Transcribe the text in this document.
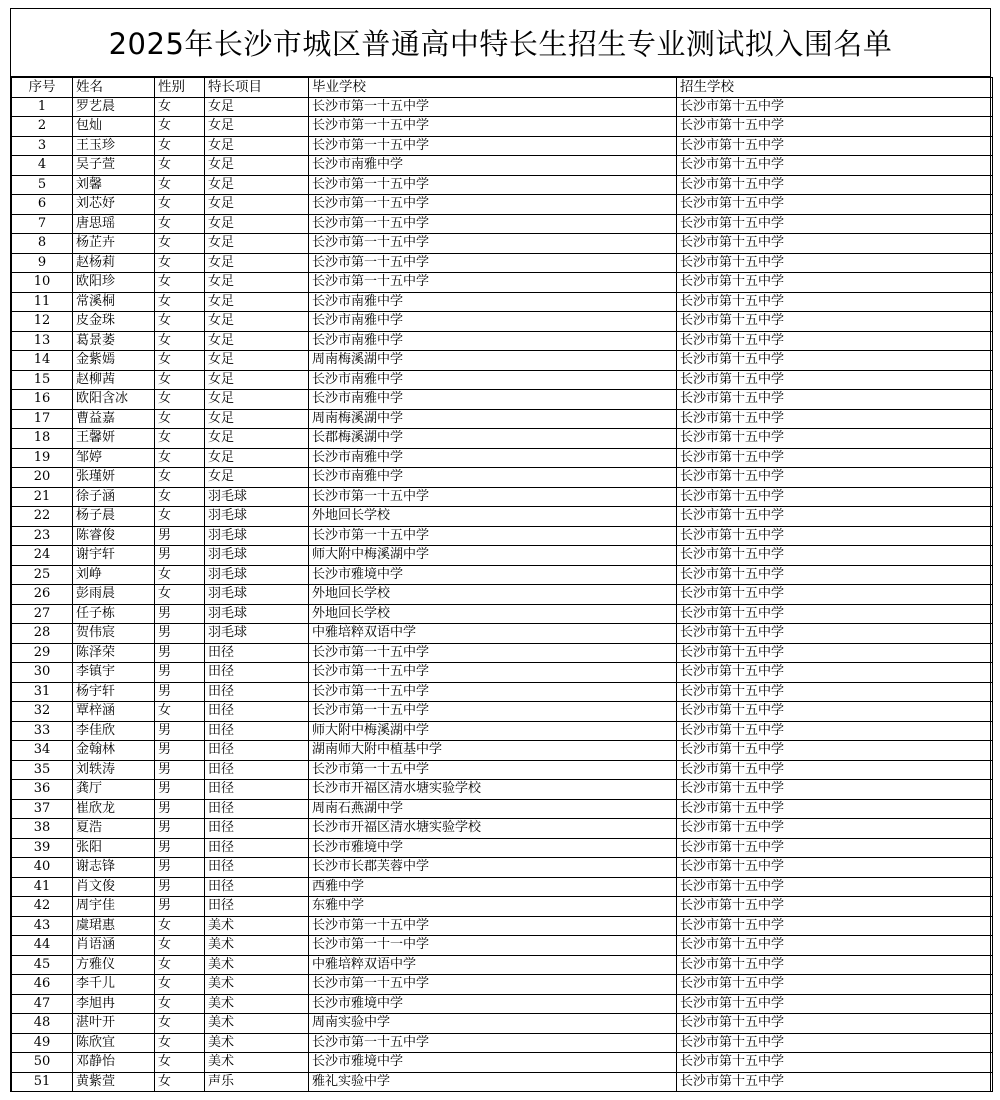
2025年长沙市城区普通高中特长生招生专业测试拟入围名单
序号	姓名	性别	特长项目	毕业学校	招生学校
1	罗艺晨	女	女足	长沙市第一十五中学	长沙市第十五中学
2	包灿	女	女足	长沙市第一十五中学	长沙市第十五中学
3	王玉珍	女	女足	长沙市第一十五中学	长沙市第十五中学
4	吴子萱	女	女足	长沙市南雅中学	长沙市第十五中学
5	刘馨	女	女足	长沙市第一十五中学	长沙市第十五中学
6	刘芯妤	女	女足	长沙市第一十五中学	长沙市第十五中学
7	唐思瑶	女	女足	长沙市第一十五中学	长沙市第十五中学
8	杨芷卉	女	女足	长沙市第一十五中学	长沙市第十五中学
9	赵杨莉	女	女足	长沙市第一十五中学	长沙市第十五中学
10	欧阳珍	女	女足	长沙市第一十五中学	长沙市第十五中学
11	常溪桐	女	女足	长沙市南雅中学	长沙市第十五中学
12	皮金珠	女	女足	长沙市南雅中学	长沙市第十五中学
13	葛景萎	女	女足	长沙市南雅中学	长沙市第十五中学
14	金紫嫣	女	女足	周南梅溪湖中学	长沙市第十五中学
15	赵柳茜	女	女足	长沙市南雅中学	长沙市第十五中学
16	欧阳含冰	女	女足	长沙市南雅中学	长沙市第十五中学
17	曹益嘉	女	女足	周南梅溪湖中学	长沙市第十五中学
18	王馨妍	女	女足	长郡梅溪湖中学	长沙市第十五中学
19	邹婷	女	女足	长沙市南雅中学	长沙市第十五中学
20	张瑾妍	女	女足	长沙市南雅中学	长沙市第十五中学
21	徐子涵	女	羽毛球	长沙市第一十五中学	长沙市第十五中学
22	杨子晨	女	羽毛球	外地回长学校	长沙市第十五中学
23	陈睿俊	男	羽毛球	长沙市第一十五中学	长沙市第十五中学
24	谢宇轩	男	羽毛球	师大附中梅溪湖中学	长沙市第十五中学
25	刘峥	女	羽毛球	长沙市雅境中学	长沙市第十五中学
26	彭雨晨	女	羽毛球	外地回长学校	长沙市第十五中学
27	任子栋	男	羽毛球	外地回长学校	长沙市第十五中学
28	贺伟宸	男	羽毛球	中雅培粹双语中学	长沙市第十五中学
29	陈泽荣	男	田径	长沙市第一十五中学	长沙市第十五中学
30	李镇宇	男	田径	长沙市第一十五中学	长沙市第十五中学
31	杨宇轩	男	田径	长沙市第一十五中学	长沙市第十五中学
32	覃梓涵	女	田径	长沙市第一十五中学	长沙市第十五中学
33	李佳欣	男	田径	师大附中梅溪湖中学	长沙市第十五中学
34	金翰林	男	田径	湖南师大附中植基中学	长沙市第十五中学
35	刘轶涛	男	田径	长沙市第一十五中学	长沙市第十五中学
36	龚厅	男	田径	长沙市开福区清水塘实验学校	长沙市第十五中学
37	崔欣龙	男	田径	周南石燕湖中学	长沙市第十五中学
38	夏浩	男	田径	长沙市开福区清水塘实验学校	长沙市第十五中学
39	张阳	男	田径	长沙市雅境中学	长沙市第十五中学
40	谢志锋	男	田径	长沙市长郡芙蓉中学	长沙市第十五中学
41	肖文俊	男	田径	西雅中学	长沙市第十五中学
42	周宇佳	男	田径	东雅中学	长沙市第十五中学
43	虞珺惠	女	美术	长沙市第一十五中学	长沙市第十五中学
44	肖语涵	女	美术	长沙市第一十一中学	长沙市第十五中学
45	方雅仪	女	美术	中雅培粹双语中学	长沙市第十五中学
46	李千儿	女	美术	长沙市第一十五中学	长沙市第十五中学
47	李旭冉	女	美术	长沙市雅境中学	长沙市第十五中学
48	湛叶开	女	美术	周南实验中学	长沙市第十五中学
49	陈欣宜	女	美术	长沙市第一十五中学	长沙市第十五中学
50	邓静怡	女	美术	长沙市雅境中学	长沙市第十五中学
51	黄紫萱	女	声乐	雅礼实验中学	长沙市第十五中学
